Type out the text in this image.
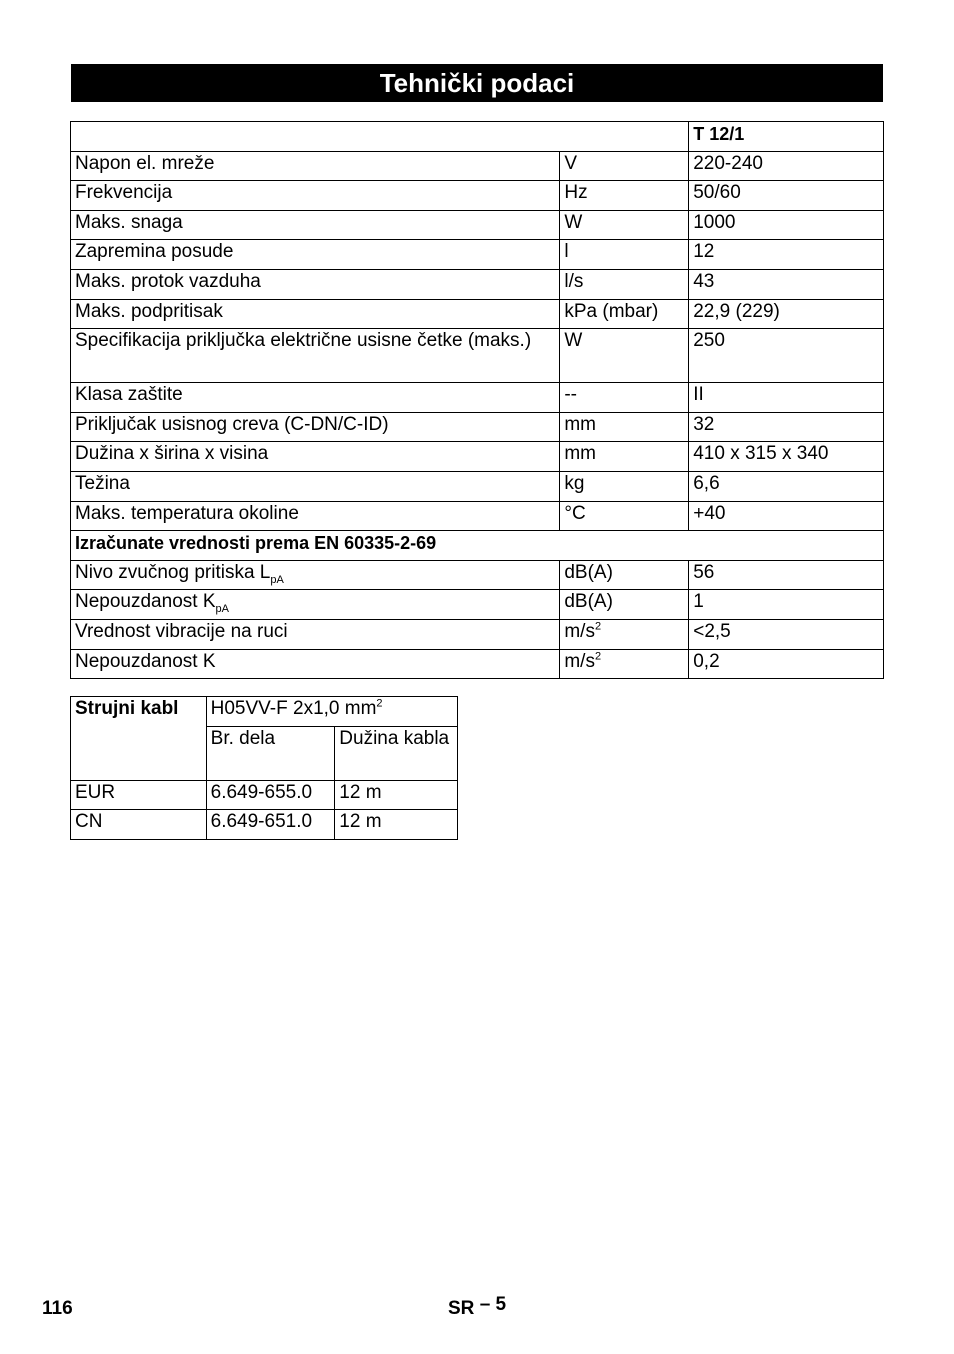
Tehnički podaci
		T 12/1
Napon el. mreže	V	220-240
Frekvencija	Hz	50/60
Maks. snaga	W	1000
Zapremina posude	l	12
Maks. protok vazduha	l/s	43
Maks. podpritisak	kPa (mbar)	22,9 (229)
Specifikacija priključka električne usisne četke (maks.)	W	250
Klasa zaštite	--	II
Priključak usisnog creva (C-DN/C-ID)	mm	32
Dužina x širina x visina	mm	410 x 315 x 340
Težina	kg	6,6
Maks. temperatura okoline	°C	+40
Izračunate vrednosti prema EN 60335-2-69		
Nivo zvučnog pritiska $L_{pA}$	dB(A)	56
Nepouzdanost $K_{pA}$	dB(A)	1
Vrednost vibracije na ruci	$m/s^2$	<2,5
Nepouzdanost K	$m/s^2$	0,2
Strujni kabl	H05VV-F 2x1,0 $mm^2$
	Br. dela	Dužina kabla
EUR	6.649-655.0	12 m
CN	6.649-651.0	12 m
116	SR – 5
